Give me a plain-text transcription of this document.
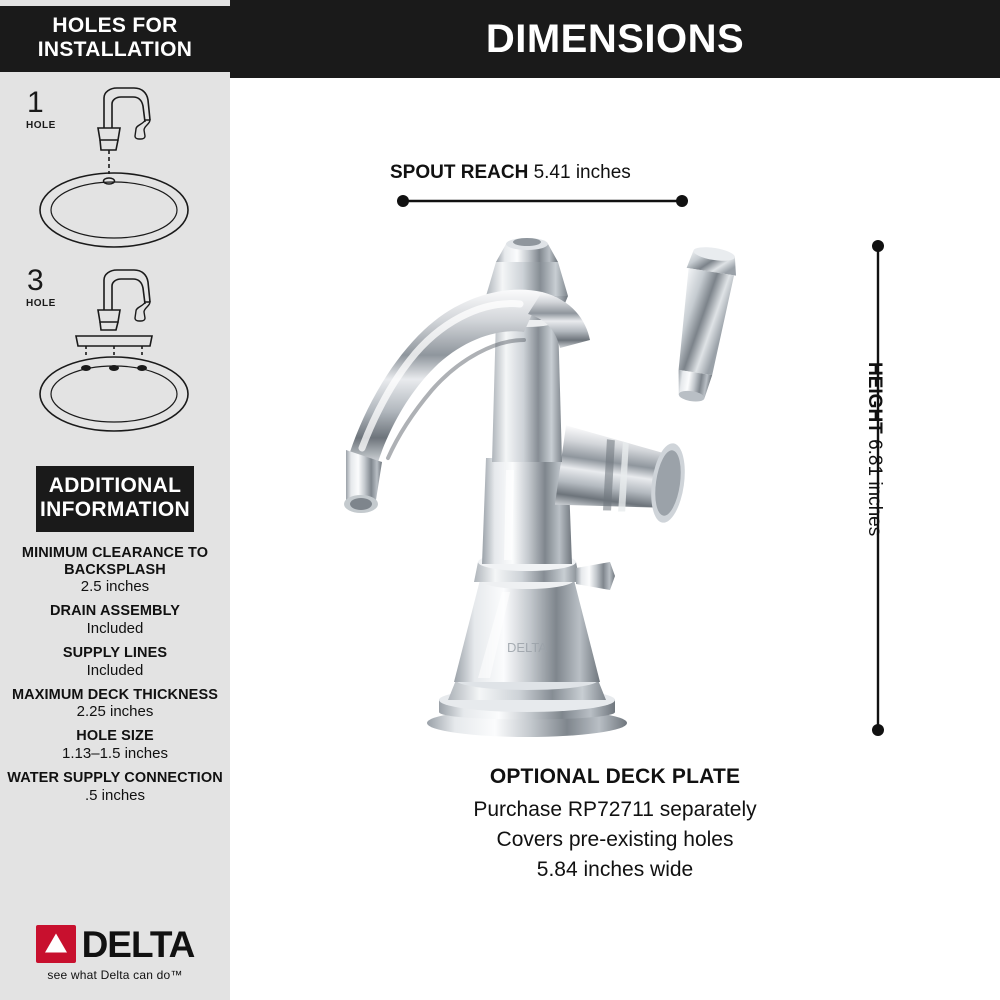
HOLES FOR
INSTALLATION
1
HOLE
3
HOLE
ADDITIONAL
INFORMATION
MINIMUM CLEARANCE TO BACKSPLASH
2.5 inches
DRAIN ASSEMBLY
Included
SUPPLY LINES
Included
MAXIMUM DECK THICKNESS
2.25 inches
HOLE SIZE
1.13–1.5 inches
WATER SUPPLY CONNECTION
.5 inches
DELTA
see what Delta can do™
DIMENSIONS
SPOUT REACH 5.41 inches
HEIGHT 6.81 inches
DELTA
OPTIONAL DECK PLATE
Purchase RP72711 separately
Covers pre-existing holes
5.84 inches wide
